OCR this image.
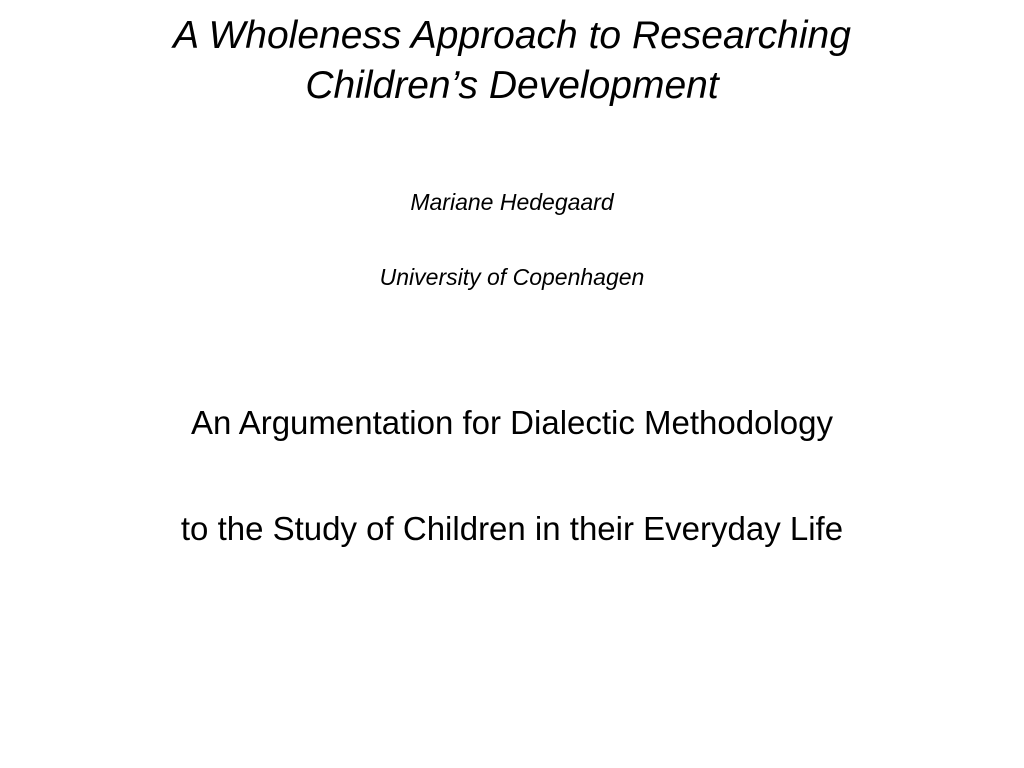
A Wholeness Approach to Researching
Children’s Development
Mariane Hedegaard
University of Copenhagen
An Argumentation for Dialectic Methodology
to the Study of Children in their Everyday Life
